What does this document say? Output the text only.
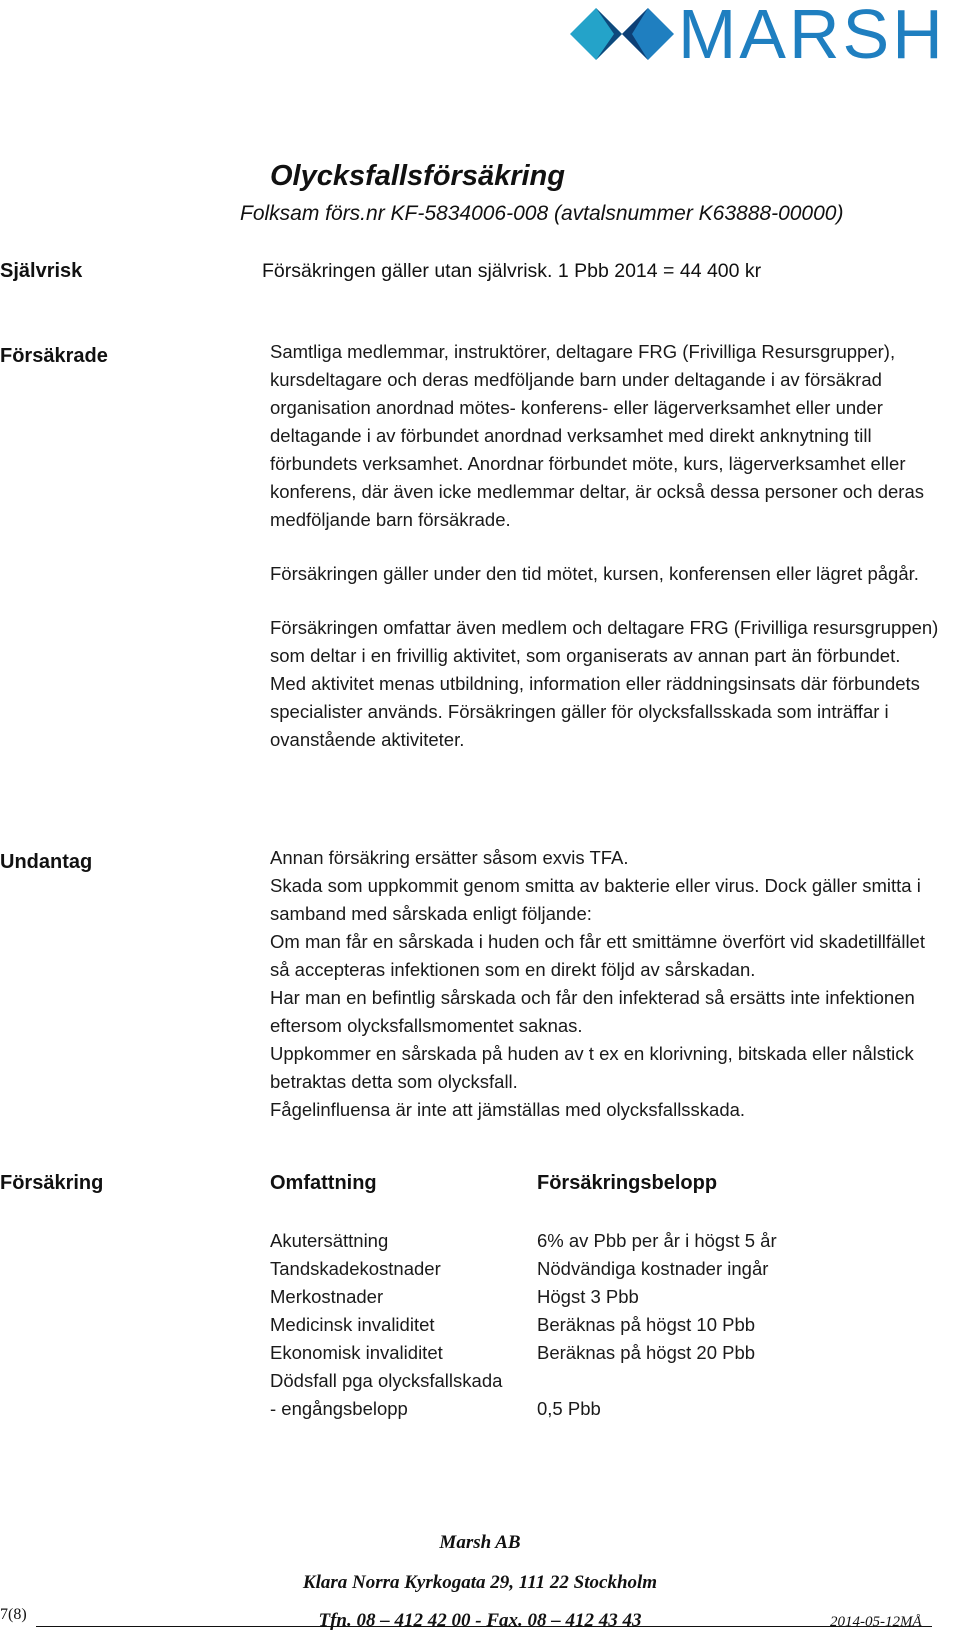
MARSH
Olycksfallsförsäkring
Folksam förs.nr KF-5834006-008 (avtalsnummer K63888-00000)
Självrisk	Försäkringen gäller utan självrisk. 1 Pbb 2014 = 44 400 kr
Försäkrade	Samtliga medlemmar, instruktörer, deltagare FRG (Frivilliga Resursgrupper), kursdeltagare och deras medföljande barn under deltagande i av försäkrad organisation anordnad mötes- konferens- eller lägerverksamhet eller under deltagande i av förbundet anordnad verksamhet med direkt anknytning till förbundets verksamhet. Anordnar förbundet möte, kurs, lägerverksamhet eller konferens, där även icke medlemmar deltar, är också dessa personer och deras medföljande barn försäkrade.

Försäkringen gäller under den tid mötet, kursen, konferensen eller lägret pågår.

Försäkringen omfattar även medlem och deltagare FRG (Frivilliga resursgruppen) som deltar i en frivillig aktivitet, som organiserats av annan part än förbundet.

Med aktivitet menas utbildning, information eller räddningsinsats där förbundets specialister används. Försäkringen gäller för olycksfallsskada som inträffar i ovanstående aktiviteter.

Undantag	Annan försäkring ersätter såsom exvis TFA.

Skada som uppkommit genom smitta av bakterie eller virus. Dock gäller smitta i samband med sårskada enligt följande:

Om man får en sårskada i huden och får ett smittämne överfört vid skadetillfället så accepteras infektionen som en direkt följd av sårskadan.

Har man en befintlig sårskada och får den infekterad så ersätts inte infektionen eftersom olycksfallsmomentet saknas.

Uppkommer en sårskada på huden av t ex en klorivning, bitskada eller nålstick betraktas detta som olycksfall.

Fågelinfluensa är inte att jämställas med olycksfallsskada.

Försäkring	Omfattning	Försäkringsbelopp
Akutersättning	6% av Pbb per år i högst 5 år
Tandskadekostnader	Nödvändiga kostnader ingår
Merkostnader	Högst 3 Pbb
Medicinsk invaliditet	Beräknas på högst 10 Pbb
Ekonomisk invaliditet	Beräknas på högst 20 Pbb
Dödsfall pga olycksfallskada
- engångsbelopp	0,5 Pbb
7(8)
Marsh AB
Klara Norra Kyrkogata 29, 111 22 Stockholm
Tfn. 08 – 412 42 00 - Fax. 08 – 412 43 43	2014-05-12MÅ
